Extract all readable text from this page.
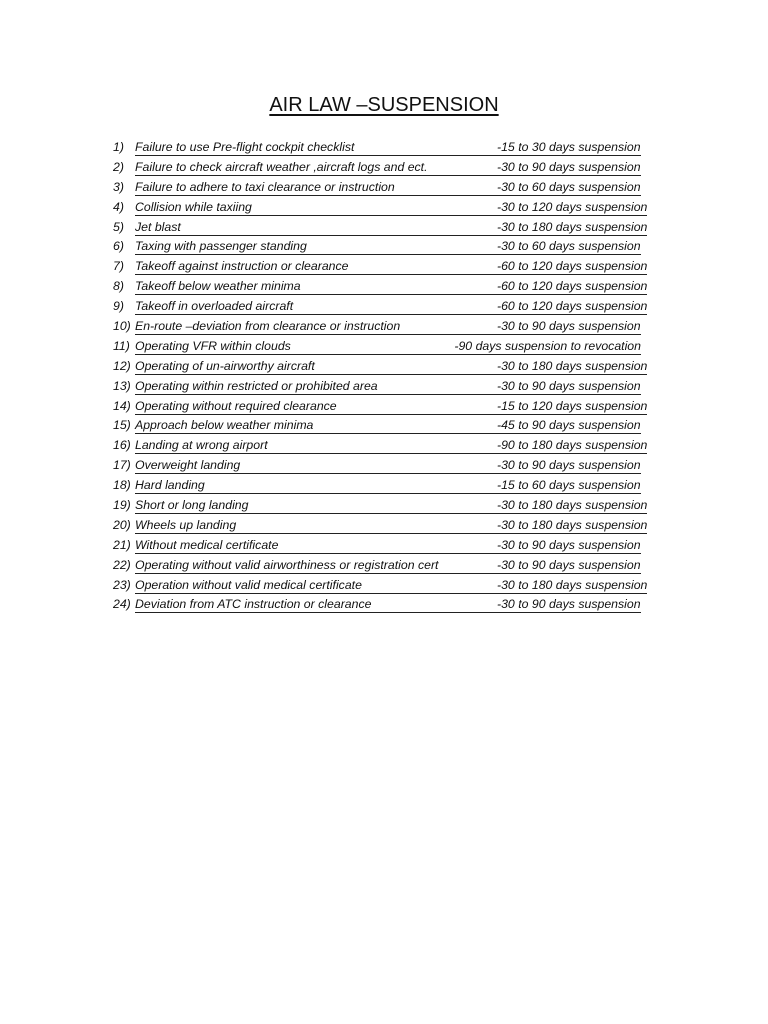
AIR LAW –SUSPENSION
1) Failure to use Pre-flight cockpit checklist	-15 to 30 days suspension
2) Failure to check aircraft weather ,aircraft logs and ect.	-30 to 90 days suspension
3) Failure to adhere to taxi clearance or instruction	-30 to 60 days suspension
4) Collision while taxiing	-30 to 120 days suspension
5) Jet blast	-30 to 180 days suspension
6) Taxing with passenger standing	-30 to 60 days suspension
7) Takeoff against instruction or clearance	-60 to 120 days suspension
8) Takeoff below weather minima	-60 to 120 days suspension
9) Takeoff in overloaded aircraft	-60 to 120 days suspension
10) En-route –deviation from clearance or instruction	-30 to 90 days suspension
11) Operating VFR within clouds	-90 days suspension to revocation
12) Operating of un-airworthy aircraft	-30 to 180 days suspension
13) Operating within restricted or prohibited area	-30 to 90 days suspension
14) Operating without required clearance	-15 to 120 days suspension
15) Approach below weather minima	-45 to 90 days suspension
16) Landing at wrong airport	-90 to 180 days suspension
17) Overweight landing	-30 to 90 days suspension
18) Hard landing	-15 to 60 days suspension
19) Short or long landing	-30 to 180 days suspension
20) Wheels up landing	-30 to 180 days suspension
21) Without medical certificate	-30 to 90 days suspension
22) Operating without valid airworthiness or registration cert	-30 to 90 days suspension
23) Operation without valid medical certificate	-30 to 180 days suspension
24) Deviation from ATC instruction or clearance	-30 to 90 days suspension
